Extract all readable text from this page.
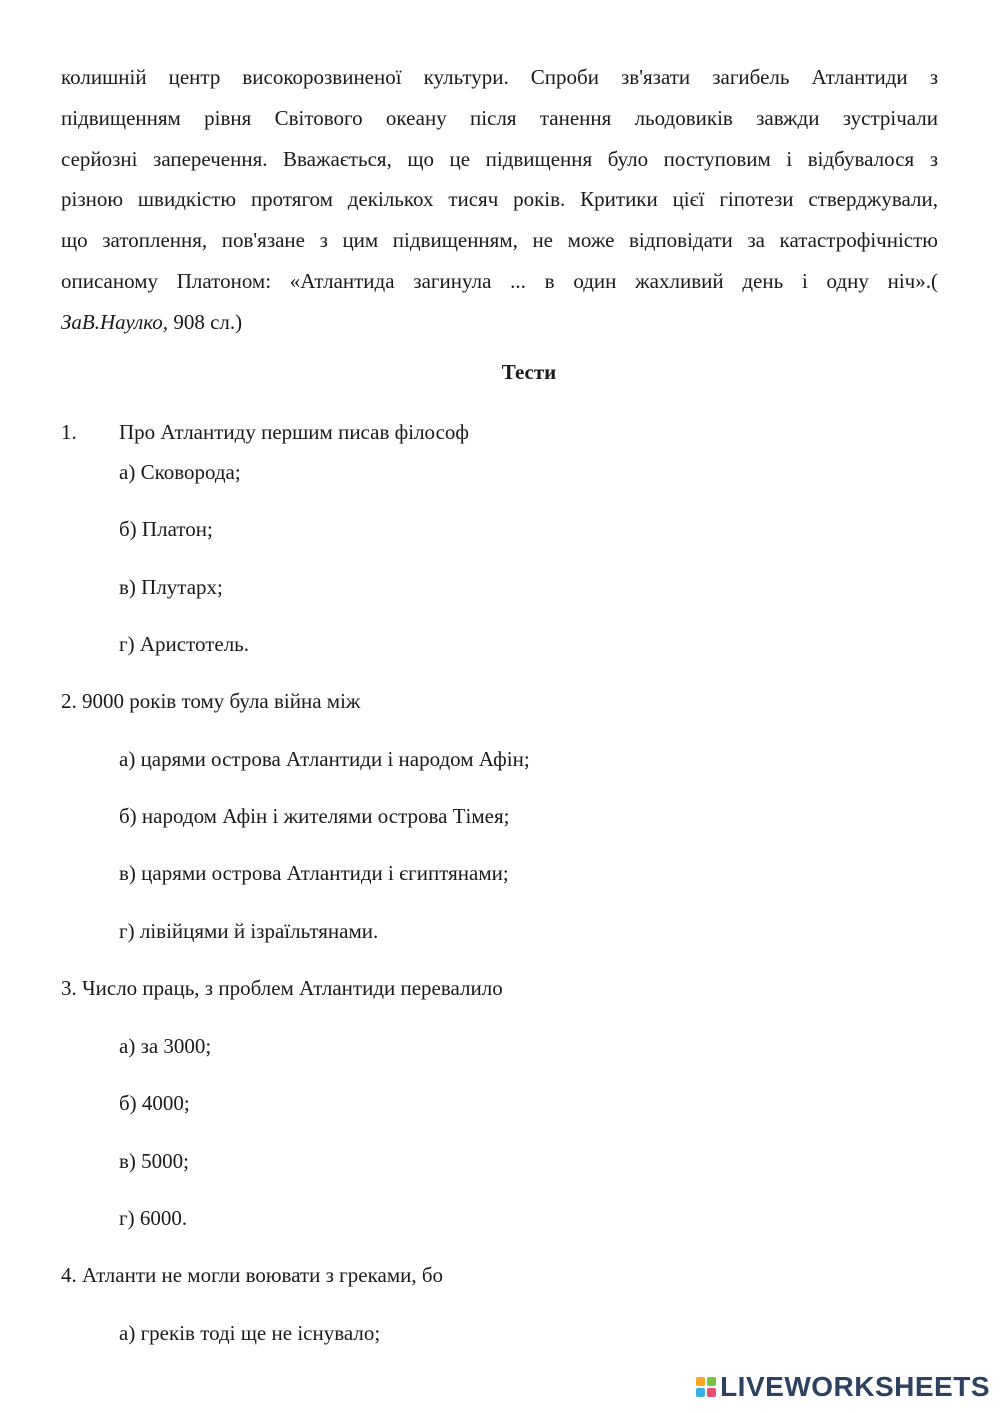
колишній центр високорозвиненої культури. Спроби зв'язати загибель Атлантиди з
підвищенням рівня Світового океану після танення льодовиків завжди зустрічали
серйозні заперечення. Вважається, що це підвищення було поступовим і відбувалося з
різною швидкістю протягом декількох тисяч років. Критики цієї гіпотези стверджували,
що затоплення, пов'язане з цим підвищенням, не може відповідати за катастрофічністю
описаному Платоном: «Атлантида загинула ... в один жахливий день і одну ніч».(
ЗаВ.Наулко, 908 сл.)
Тести

1. Про Атлантиду першим писав філософ

а) Сковорода;

б) Платон;

в) Плутарх;

г) Аристотель.

2. 9000 років тому була війна між

а) царями острова Атлантиди і народом Афін;

б) народом Афін і жителями острова Тімея;

в) царями острова Атлантиди і єгиптянами;

г) лівійцями й ізраїльтянами.

3. Число праць, з проблем Атлантиди перевалило

а) за 3000;

б) 4000;

в) 5000;

г) 6000.

4. Атланти не могли воювати з греками, бо

а) греків тоді ще не існувало;

LIVEWORKSHEETS
